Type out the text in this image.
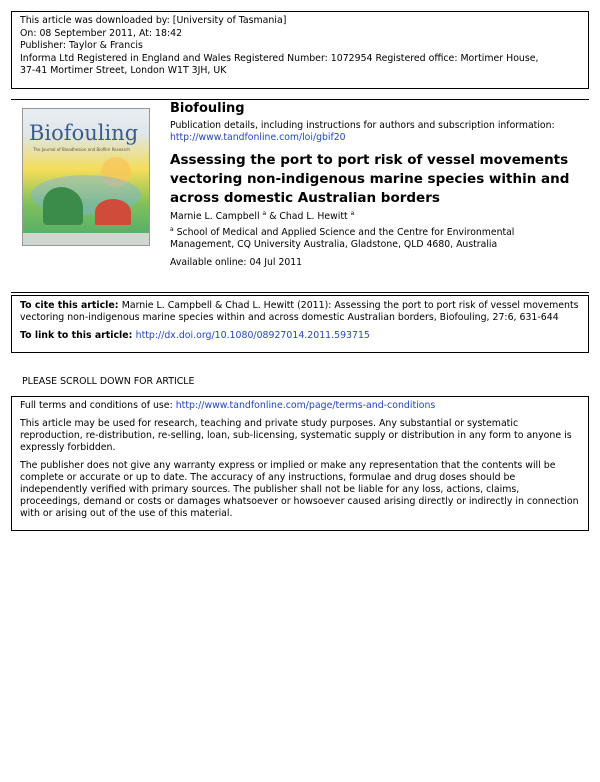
This article was downloaded by: [University of Tasmania]
On: 08 September 2011, At: 18:42
Publisher: Taylor & Francis
Informa Ltd Registered in England and Wales Registered Number: 1072954 Registered office: Mortimer House,
37-41 Mortimer Street, London W1T 3JH, UK
Biofouling
The Journal of Bioadhesion and Biofilm Research
Biofouling
Publication details, including instructions for authors and subscription information:
http://www.tandfonline.com/loi/gbif20
Assessing the port to port risk of vessel movements vectoring non-indigenous marine species within and across domestic Australian borders
Marnie L. Campbell $^a$ & Chad L. Hewitt $^a$
$^a$ School of Medical and Applied Science and the Centre for Environmental Management, CQ University Australia, Gladstone, QLD 4680, Australia
Available online: 04 Jul 2011

To cite this article: Marnie L. Campbell & Chad L. Hewitt (2011): Assessing the port to port risk of vessel movements vectoring non-indigenous marine species within and across domestic Australian borders, Biofouling, 27:6, 631-644

To link to this article: http://dx.doi.org/10.1080/08927014.2011.593715

PLEASE SCROLL DOWN FOR ARTICLE

Full terms and conditions of use: http://www.tandfonline.com/page/terms-and-conditions

This article may be used for research, teaching and private study purposes. Any substantial or systematic reproduction, re-distribution, re-selling, loan, sub-licensing, systematic supply or distribution in any form to anyone is expressly forbidden.

The publisher does not give any warranty express or implied or make any representation that the contents will be complete or accurate or up to date. The accuracy of any instructions, formulae and drug doses should be independently verified with primary sources. The publisher shall not be liable for any loss, actions, claims, proceedings, demand or costs or damages whatsoever or howsoever caused arising directly or indirectly in connection with or arising out of the use of this material.
